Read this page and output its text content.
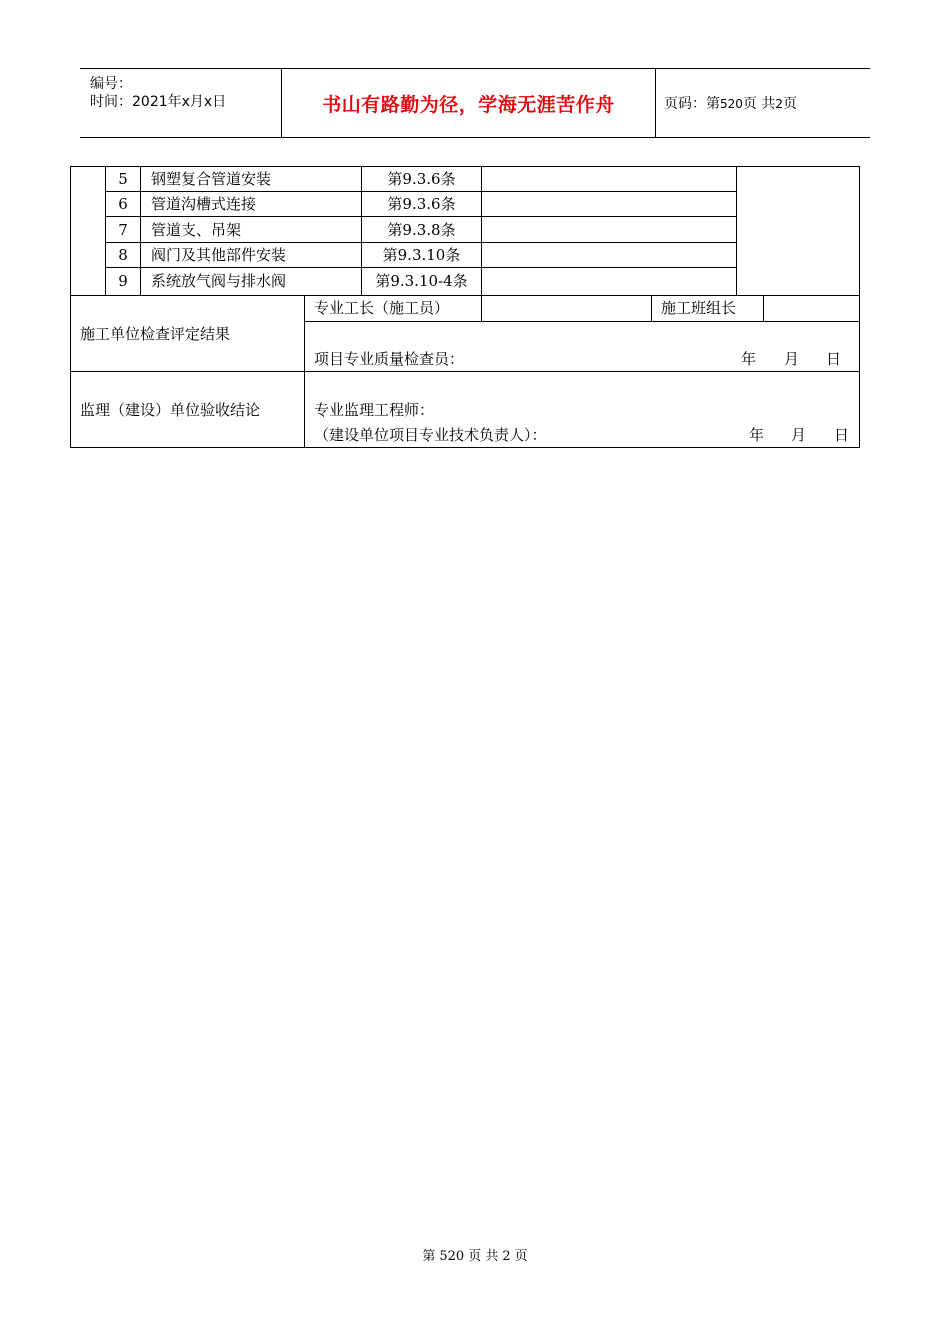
编号：
时间：2021年x月x日	书山有路勤为径，学海无涯苦作舟	页码：第520页 共2页
5	钢塑复合管道安装	第9.3.6条
6	管道沟槽式连接	第9.3.6条
7	管道支、吊架	第9.3.8条
8	阀门及其他部件安装	第9.3.10条
9	系统放气阀与排水阀	第9.3.10-4条
施工单位检查评定结果
专业工长（施工员）	施工班组长
项目专业质量检查员：	年 月 日
监理（建设）单位验收结论	专业监理工程师：
（建设单位项目专业技术负责人）：	年 月 日
第 520 页 共 2 页
